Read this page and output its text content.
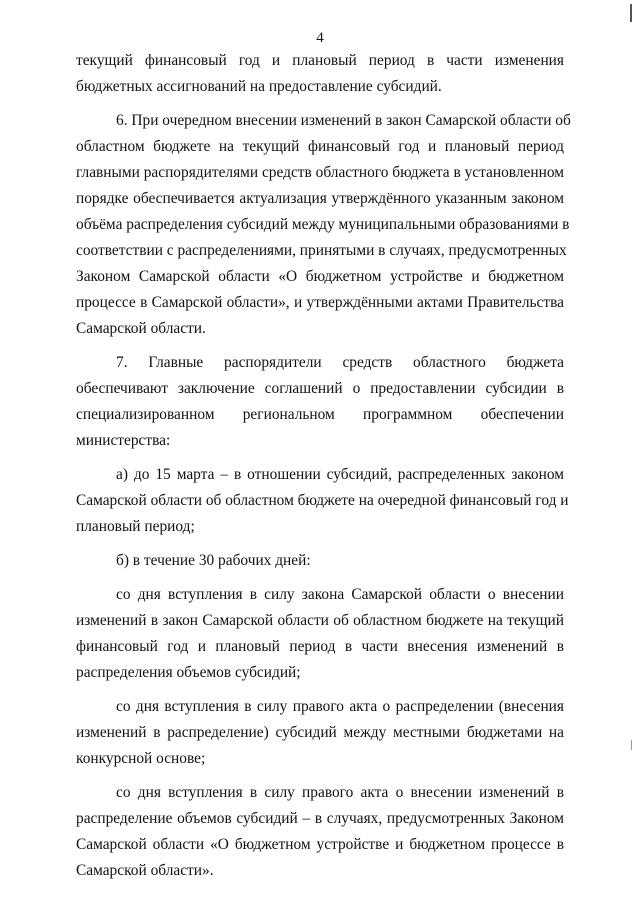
4
текущий финансовый год и плановый период в части изменения
бюджетных ассигнований на предоставление субсидий.
6. При очередном внесении изменений в закон Самарской области об
областном бюджете на текущий финансовый год и плановый период
главными распорядителями средств областного бюджета в установленном
порядке обеспечивается актуализация утверждённого указанным законом
объёма распределения субсидий между муниципальными образованиями в
соответствии с распределениями, принятыми в случаях, предусмотренных
Законом Самарской области «О бюджетном устройстве и бюджетном
процессе в Самарской области», и утверждёнными актами Правительства
Самарской области.
7. Главные распорядители средств областного бюджета
обеспечивают заключение соглашений о предоставлении субсидии в
специализированном региональном программном обеспечении
министерства:
а) до 15 марта – в отношении субсидий, распределенных законом
Самарской области об областном бюджете на очередной финансовый год и
плановый период;
б) в течение 30 рабочих дней:
со дня вступления в силу закона Самарской области о внесении
изменений в закон Самарской области об областном бюджете на текущий
финансовый год и плановый период в части внесения изменений в
распределения объемов субсидий;
со дня вступления в силу правого акта о распределении (внесения
изменений в распределение) субсидий между местными бюджетами на
конкурсной основе;
со дня вступления в силу правого акта о внесении изменений в
распределение объемов субсидий – в случаях, предусмотренных Законом
Самарской области «О бюджетном устройстве и бюджетном процессе в
Самарской области».
